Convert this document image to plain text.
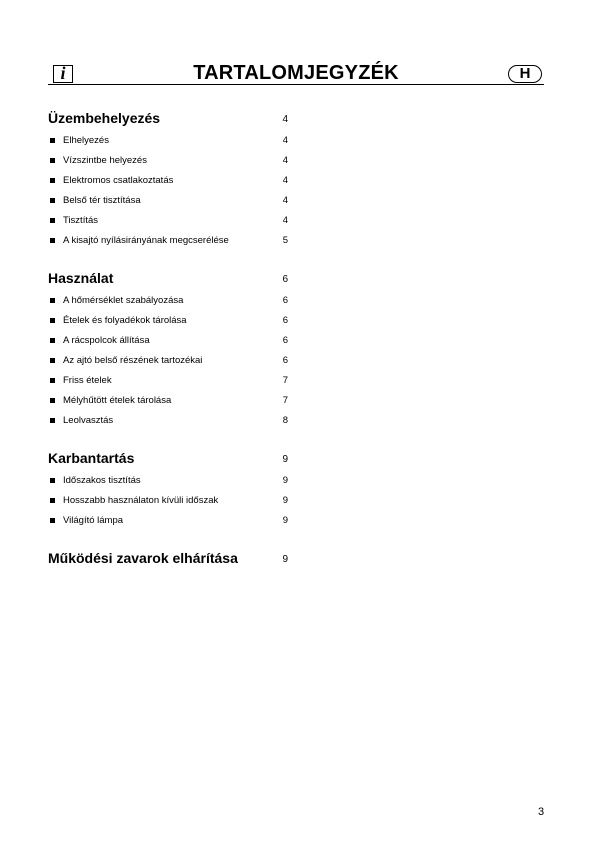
i	TARTALOMJEGYZÉK	H
Üzembehelyezés	4
Elhelyezés	4
Vízszintbe helyezés	4
Elektromos csatlakoztatás	4
Belső tér tisztítása	4
Tisztítás	4
A kisajtó nyílásirányának megcserélése	5
Használat	6
A hőmérséklet szabályozása	6
Ételek és folyadékok tárolása	6
A rácspolcok állítása	6
Az ajtó belső részének tartozékai	6
Friss ételek	7
Mélyhűtött ételek tárolása	7
Leolvasztás	8
Karbantartás	9
Időszakos tisztítás	9
Hosszabb használaton kívüli időszak	9
Világító lámpa	9
Működési zavarok elhárítása	9
3
